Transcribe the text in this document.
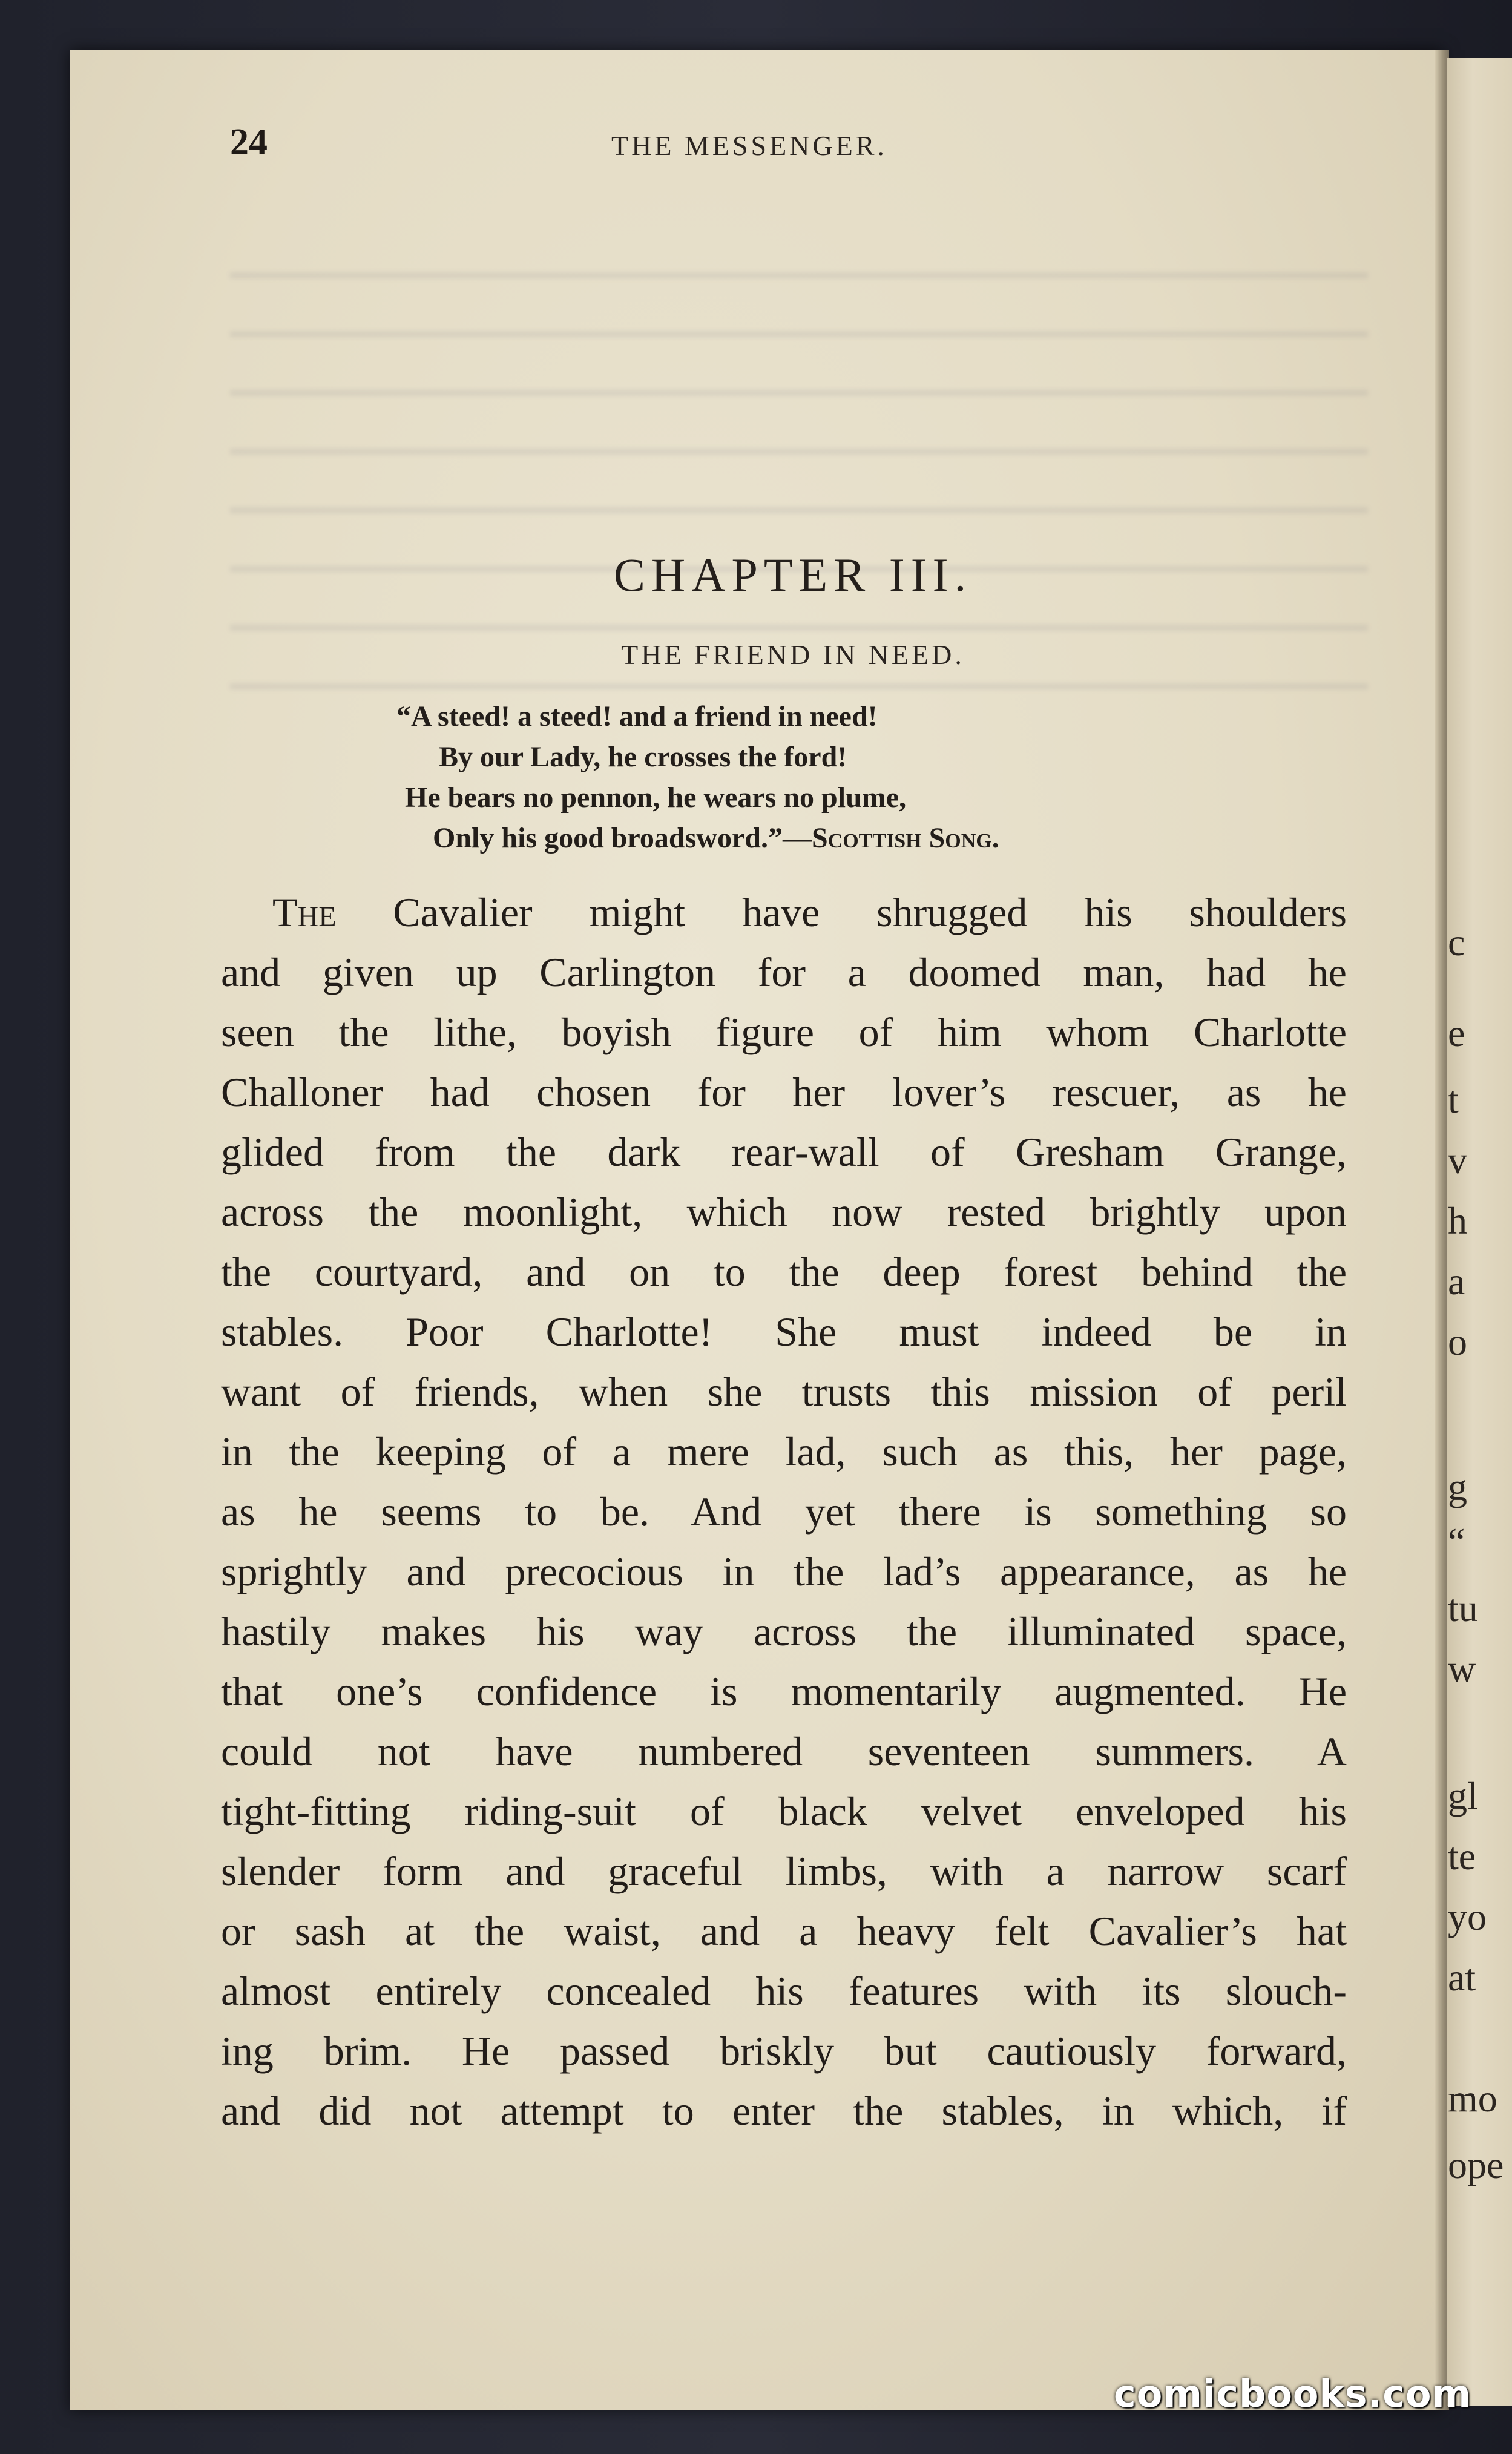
c
e
t
v
h
a
o
g
“
tu
w
gl
te
yo
at
mo
ope
24	THE MESSENGER.
CHAPTER III.
THE FRIEND IN NEED.
“A steed! a steed! and a friend in need!
By our Lady, he crosses the ford!
He bears no pennon, he wears no plume,
Only his good broadsword.”—Scottish Song.
The Cavalier might have shrugged his shoulders
and given up Carlington for a doomed man, had he
seen the lithe, boyish figure of him whom Charlotte
Challoner had chosen for her lover’s rescuer, as he
glided from the dark rear-wall of Gresham Grange,
across the moonlight, which now rested brightly upon
the courtyard, and on to the deep forest behind the
stables. Poor Charlotte! She must indeed be in
want of friends, when she trusts this mission of peril
in the keeping of a mere lad, such as this, her page,
as he seems to be. And yet there is something so
sprightly and precocious in the lad’s appearance, as he
hastily makes his way across the illuminated space,
that one’s confidence is momentarily augmented. He
could not have numbered seventeen summers. A
tight-fitting riding-suit of black velvet enveloped his
slender form and graceful limbs, with a narrow scarf
or sash at the waist, and a heavy felt Cavalier’s hat
almost entirely concealed his features with its slouch-
ing brim. He passed briskly but cautiously forward,
and did not attempt to enter the stables, in which, if
comicbooks.com
